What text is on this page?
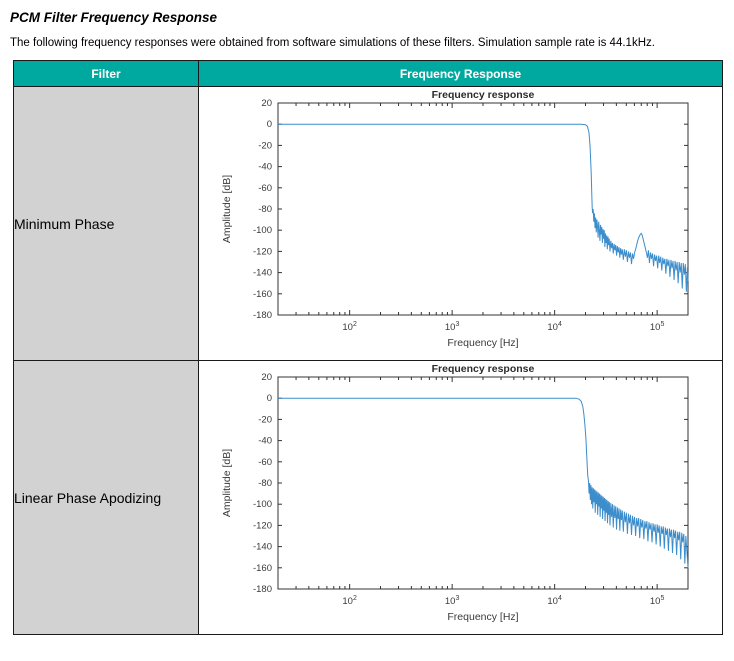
PCM Filter Frequency Response
The following frequency responses were obtained from software simulations of these filters. Simulation sample rate is 44.1kHz.
Filter	Frequency Response
Minimum Phase	
20
0
-20
-40
-60
-80
-100
-120
-140
-160
-180
$10^2$	$10^3$	$10^4$	$10^5$
Frequency response
Frequency [Hz]
Amplitude [dB]

Linear Phase Apodizing	
20
0
-20
-40
-60
-80
-100
-120
-140
-160
-180
$10^2$	$10^3$	$10^4$	$10^5$
Frequency response
Frequency [Hz]
Amplitude [dB]
